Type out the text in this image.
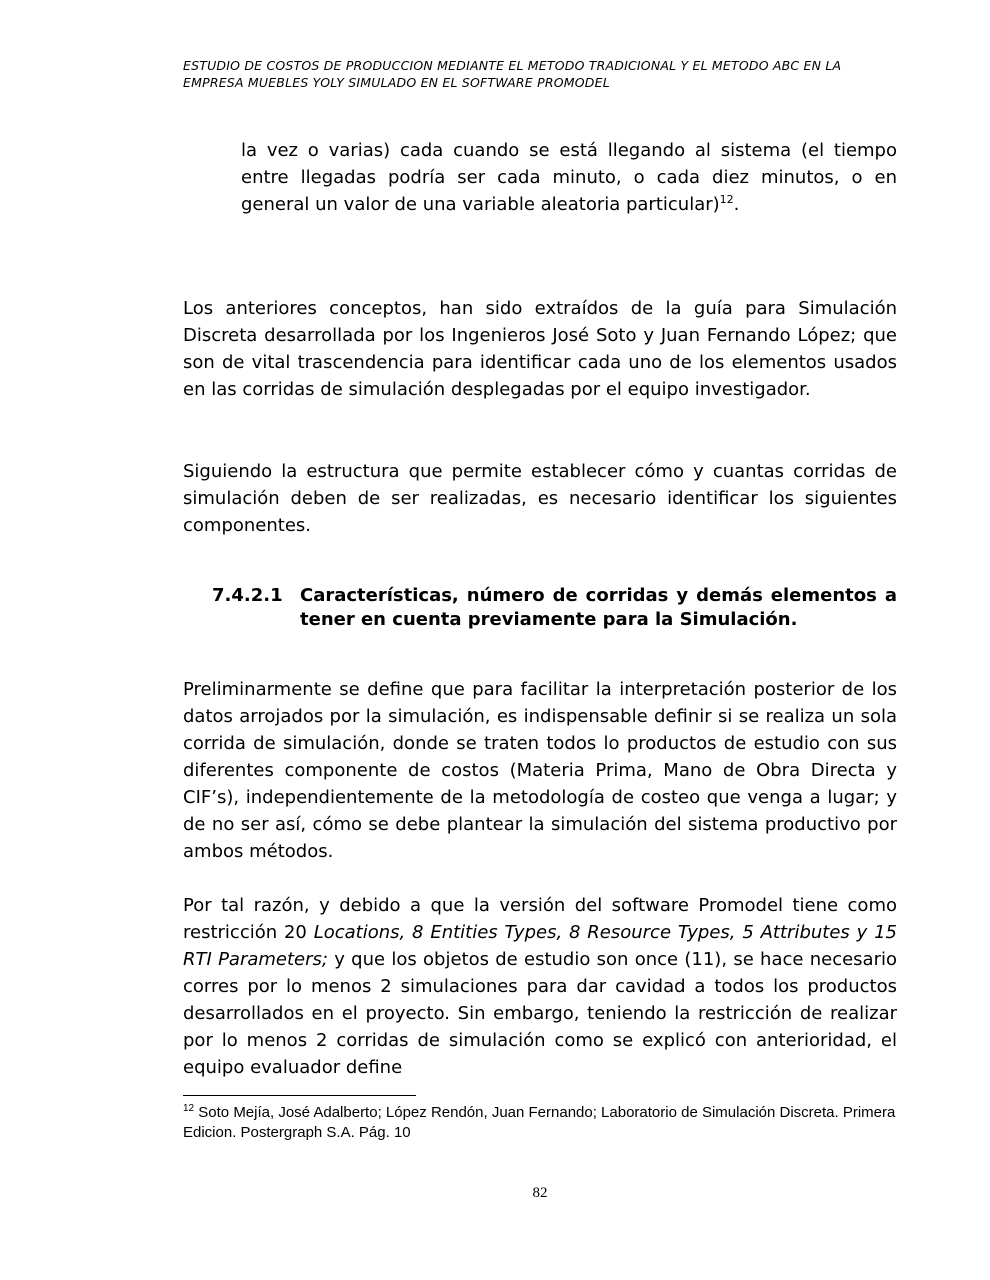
ESTUDIO DE COSTOS DE PRODUCCION MEDIANTE EL METODO TRADICIONAL Y EL METODO ABC EN LA
EMPRESA MUEBLES YOLY SIMULADO EN EL SOFTWARE PROMODEL

la vez o varias) cada cuando se está llegando al sistema (el tiempo entre llegadas podría ser cada minuto, o cada diez minutos, o en general un valor de una variable aleatoria particular)$^{12}$.

Los anteriores conceptos, han sido extraídos de la guía para Simulación Discreta desarrollada por los Ingenieros José Soto y Juan Fernando López; que son de vital trascendencia para identificar cada uno de los elementos usados en las corridas de simulación desplegadas por el equipo investigador.

Siguiendo la estructura que permite establecer cómo y cuantas corridas de simulación deben de ser realizadas, es necesario identificar los siguientes componentes.

7.4.2.1 Características, número de corridas y demás elementos a tener en cuenta previamente para la Simulación.

Preliminarmente se define que para facilitar la interpretación posterior de los datos arrojados por la simulación, es indispensable definir si se realiza un sola corrida de simulación, donde se traten todos lo productos de estudio con sus diferentes componente de costos (Materia Prima, Mano de Obra Directa y CIF’s), independientemente de la metodología de costeo que venga a lugar; y de no ser así, cómo se debe plantear la simulación del sistema productivo por ambos métodos.

Por tal razón, y debido a que la versión del software Promodel tiene como restricción 20 Locations, 8 Entities Types, 8 Resource Types, 5 Attributes y 15 RTI Parameters; y que los objetos de estudio son once (11), se hace necesario corres por lo menos 2 simulaciones para dar cavidad a todos los productos desarrollados en el proyecto. Sin embargo, teniendo la restricción de realizar por lo menos 2 corridas de simulación como se explicó con anterioridad, el equipo evaluador define

$^{12}$ Soto Mejía, José Adalberto; López Rendón, Juan Fernando; Laboratorio de Simulación Discreta. Primera Edicion. Postergraph S.A. Pág. 10
82
